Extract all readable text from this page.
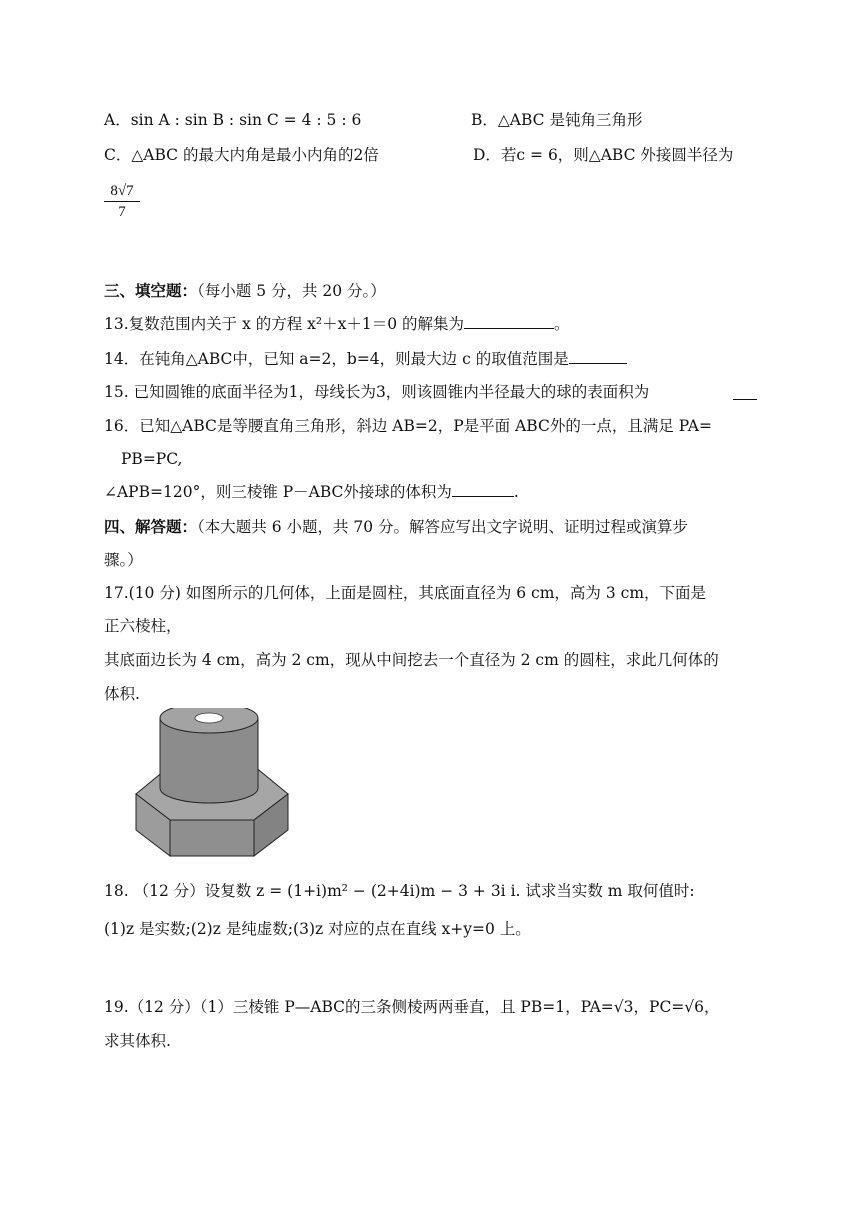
A．sin A : sin B : sin C = 4 : 5 : 6	B．△ABC 是钝角三角形
C．△ABC 的最大内角是最小内角的2倍	D．若c = 6，则△ABC 外接圆半径为
$\frac{8√7}{7}$
三、填空题：（每小题 5 分，共 20 分。）
13.复数范围内关于 x 的方程 x²＋x＋1＝0 的解集为	。
14．在钝角△ABC中，已知 a=2，b=4，则最大边 c 的取值范围是
15. 已知圆锥的底面半径为1，母线长为3，则该圆锥内半径最大的球的表面积为
16．已知△ABC是等腰直角三角形，斜边 AB=2，P是平面 ABC外的一点，且满足 PA=
PB=PC,
∠APB=120°，则三棱锥 P－ABC外接球的体积为	.
四、解答题：（本大题共 6 小题，共 70 分。解答应写出文字说明、证明过程或演算步
骤。）
17.(10 分) 如图所示的几何体，上面是圆柱，其底面直径为 6 cm，高为 3 cm，下面是
正六棱柱，
其底面边长为 4 cm，高为 2 cm，现从中间挖去一个直径为 2 cm 的圆柱，求此几何体的
体积.
18. （12 分）设复数 z = (1+i)m² − (2+4i)m − 3 + 3i i. 试求当实数 m 取何值时:
(1)z 是实数;(2)z 是纯虚数;(3)z 对应的点在直线 x+y=0 上。
19.（12 分）（1）三棱锥 P—ABC的三条侧棱两两垂直，且 PB=1，PA=√3，PC=√6，
求其体积.
